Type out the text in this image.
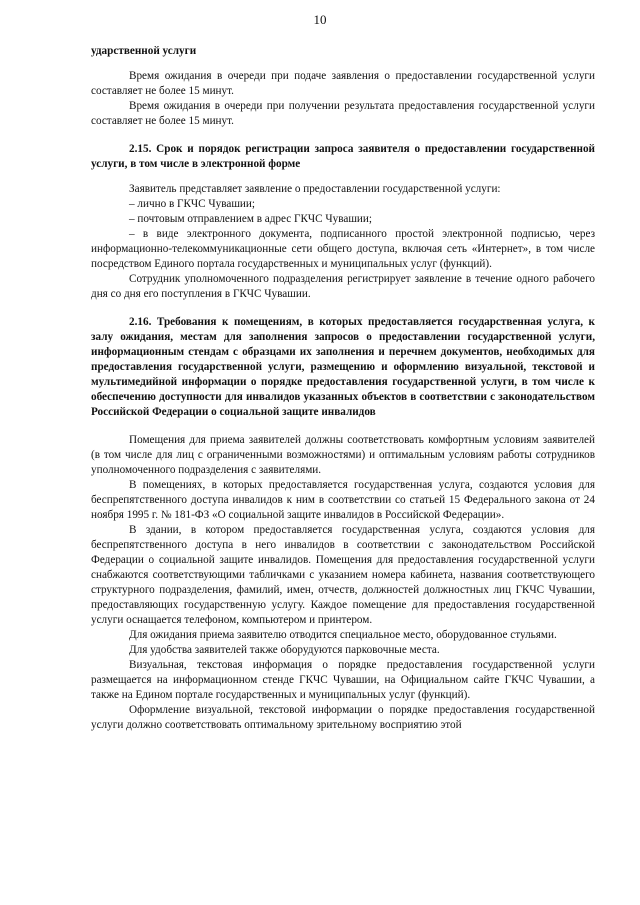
10

ударственной услуги

Время ожидания в очереди при подаче заявления о предоставлении государственной услуги составляет не более 15 минут.

Время ожидания в очереди при получении результата предоставления государственной услуги составляет не более 15 минут.

2.15. Срок и порядок регистрации запроса заявителя о предоставлении государственной услуги, в том числе в электронной форме

Заявитель представляет заявление о предоставлении государственной услуги:

– лично в ГКЧС Чувашии;

– почтовым отправлением в адрес ГКЧС Чувашии;

– в виде электронного документа, подписанного простой электронной подписью, через информационно-телекоммуникационные сети общего доступа, включая сеть «Интернет», в том числе посредством Единого портала государственных и муниципальных услуг (функций).

Сотрудник уполномоченного подразделения регистрирует заявление в течение одного рабочего дня со дня его поступления в ГКЧС Чувашии.

2.16. Требования к помещениям, в которых предоставляется государственная услуга, к залу ожидания, местам для заполнения запросов о предоставлении государственной услуги, информационным стендам с образцами их заполнения и перечнем документов, необходимых для предоставления государственной услуги, размещению и оформлению визуальной, текстовой и мультимедийной информации о порядке предоставления государственной услуги, в том числе к обеспечению доступности для инвалидов указанных объектов в соответствии с законодательством Российской Федерации о социальной защите инвалидов

Помещения для приема заявителей должны соответствовать комфортным условиям заявителей (в том числе для лиц с ограниченными возможностями) и оптимальным условиям работы сотрудников уполномоченного подразделения с заявителями.

В помещениях, в которых предоставляется государственная услуга, создаются условия для беспрепятственного доступа инвалидов к ним в соответствии со статьей 15 Федерального закона от 24 ноября 1995 г. № 181-ФЗ «О социальной защите инвалидов в Российской Федерации».

В здании, в котором предоставляется государственная услуга, создаются условия для беспрепятственного доступа в него инвалидов в соответствии с законодательством Российской Федерации о социальной защите инвалидов. Помещения для предоставления государственной услуги снабжаются соответствующими табличками с указанием номера кабинета, названия соответствующего структурного подразделения, фамилий, имен, отчеств, должностей должностных лиц ГКЧС Чувашии, предоставляющих государственную услугу. Каждое помещение для предоставления государственной услуги оснащается телефоном, компьютером и принтером.

Для ожидания приема заявителю отводится специальное место, оборудованное стульями.

Для удобства заявителей также оборудуются парковочные места.

Визуальная, текстовая информация о порядке предоставления государственной услуги размещается на информационном стенде ГКЧС Чувашии, на Официальном сайте ГКЧС Чувашии, а также на Едином портале государственных и муниципальных услуг (функций).

Оформление визуальной, текстовой информации о порядке предоставления государственной услуги должно соответствовать оптимальному зрительному восприятию этой
